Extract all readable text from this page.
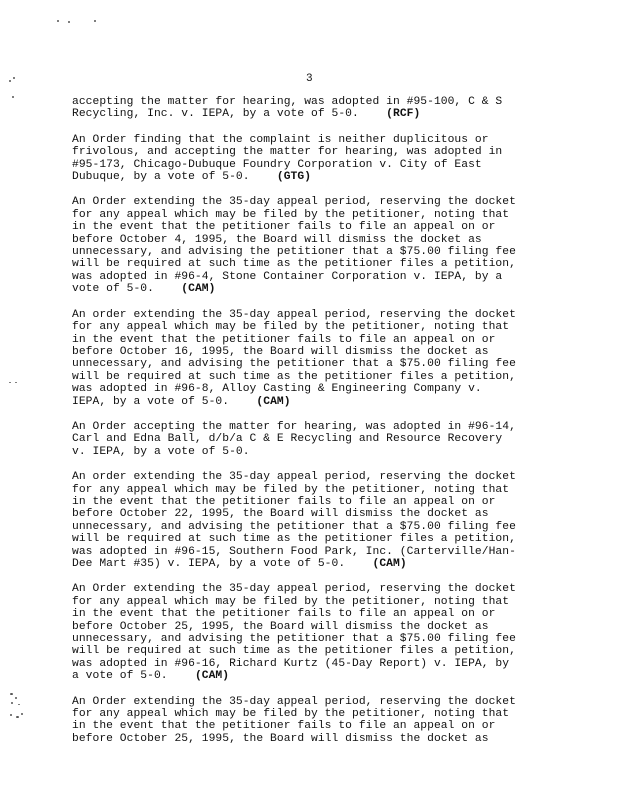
3
accepting the matter for hearing, was adopted in #95-100, C & S
Recycling, Inc. v. IEPA, by a vote of 5-0. (RCF)
An Order finding that the complaint is neither duplicitous or
frivolous, and accepting the matter for hearing, was adopted in
#95-173, Chicago-Dubuque Foundry Corporation v. City of East
Dubuque, by a vote of 5-0. (GTG)
An Order extending the 35-day appeal period, reserving the docket
for any appeal which may be filed by the petitioner, noting that
in the event that the petitioner fails to file an appeal on or
before October 4, 1995, the Board will dismiss the docket as
unnecessary, and advising the petitioner that a $75.00 filing fee
will be required at such time as the petitioner files a petition,
was adopted in #96-4, Stone Container Corporation v. IEPA, by a
vote of 5-0. (CAM)
An order extending the 35-day appeal period, reserving the docket
for any appeal which may be filed by the petitioner, noting that
in the event that the petitioner fails to file an appeal on or
before October 16, 1995, the Board will dismiss the docket as
unnecessary, and advising the petitioner that a $75.00 filing fee
will be required at such time as the petitioner files a petition,
was adopted in #96-8, Alloy Casting & Engineering Company v.
IEPA, by a vote of 5-0. (CAM)
An Order accepting the matter for hearing, was adopted in #96-14,
Carl and Edna Ball, d/b/a C & E Recycling and Resource Recovery
v. IEPA, by a vote of 5-0.
An order extending the 35-day appeal period, reserving the docket
for any appeal which may be filed by the petitioner, noting that
in the event that the petitioner fails to file an appeal on or
before October 22, 1995, the Board will dismiss the docket as
unnecessary, and advising the petitioner that a $75.00 filing fee
will be required at such time as the petitioner files a petition,
was adopted in #96-15, Southern Food Park, Inc. (Carterville/Han-
Dee Mart #35) v. IEPA, by a vote of 5-0. (CAM)
An Order extending the 35-day appeal period, reserving the docket
for any appeal which may be filed by the petitioner, noting that
in the event that the petitioner fails to file an appeal on or
before October 25, 1995, the Board will dismiss the docket as
unnecessary, and advising the petitioner that a $75.00 filing fee
will be required at such time as the petitioner files a petition,
was adopted in #96-16, Richard Kurtz (45-Day Report) v. IEPA, by
a vote of 5-0. (CAM)
An Order extending the 35-day appeal period, reserving the docket
for any appeal which may be filed by the petitioner, noting that
in the event that the petitioner fails to file an appeal on or
before October 25, 1995, the Board will dismiss the docket as
